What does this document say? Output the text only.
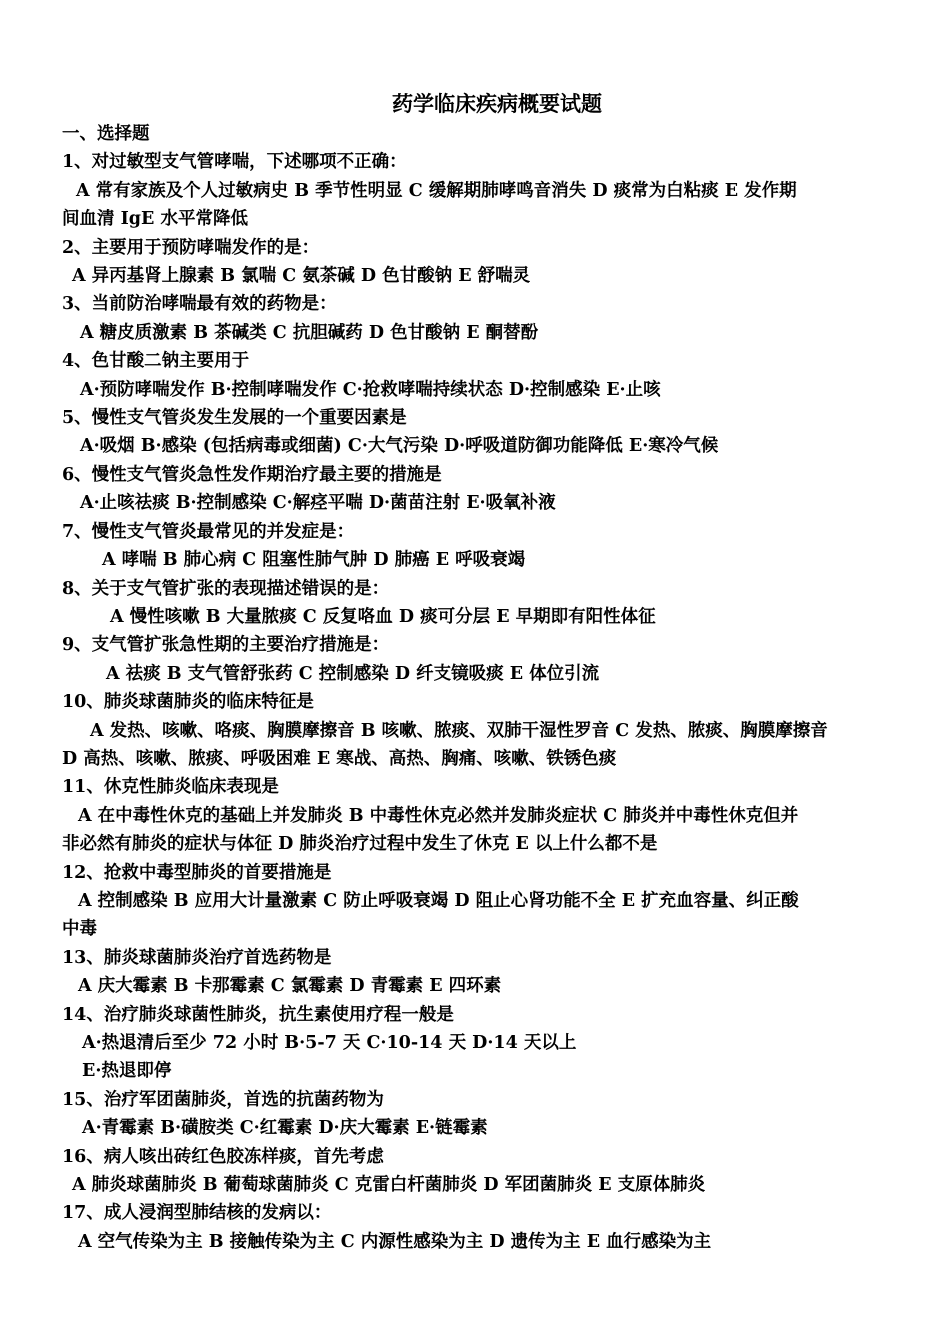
药学临床疾病概要试题
一、选择题
1、对过敏型支气管哮喘，下述哪项不正确：
A 常有家族及个人过敏病史 B 季节性明显 C 缓解期肺哮鸣音消失 D 痰常为白粘痰 E 发作期
间血清 IgE 水平常降低
2、主要用于预防哮喘发作的是：
A 异丙基肾上腺素 B 氯喘 C 氨茶碱 D 色甘酸钠 E 舒喘灵
3、当前防治哮喘最有效的药物是：
A 糖皮质激素 B 茶碱类 C 抗胆碱药 D 色甘酸钠 E 酮替酚
4、色甘酸二钠主要用于
A·预防哮喘发作 B·控制哮喘发作 C·抢救哮喘持续状态 D·控制感染 E·止咳
5、慢性支气管炎发生发展的一个重要因素是
A·吸烟 B·感染 (包括病毒或细菌) C·大气污染 D·呼吸道防御功能降低 E·寒冷气候
6、慢性支气管炎急性发作期治疗最主要的措施是
A·止咳祛痰 B·控制感染 C·解痉平喘 D·菌苗注射 E·吸氧补液
7、慢性支气管炎最常见的并发症是：
A 哮喘 B 肺心病 C 阻塞性肺气肿 D 肺癌 E 呼吸衰竭
8、关于支气管扩张的表现描述错误的是：
A 慢性咳嗽 B 大量脓痰 C 反复咯血 D 痰可分层 E 早期即有阳性体征
9、支气管扩张急性期的主要治疗措施是：
A 祛痰 B 支气管舒张药 C 控制感染 D 纤支镜吸痰 E 体位引流
10、肺炎球菌肺炎的临床特征是
A 发热、咳嗽、咯痰、胸膜摩擦音 B 咳嗽、脓痰、双肺干湿性罗音 C 发热、脓痰、胸膜摩擦音
D 高热、咳嗽、脓痰、呼吸困难 E 寒战、高热、胸痛、咳嗽、铁锈色痰
11、休克性肺炎临床表现是
A 在中毒性休克的基础上并发肺炎 B 中毒性休克必然并发肺炎症状 C 肺炎并中毒性休克但并
非必然有肺炎的症状与体征 D 肺炎治疗过程中发生了休克 E 以上什么都不是
12、抢救中毒型肺炎的首要措施是
A 控制感染 B 应用大计量激素 C 防止呼吸衰竭 D 阻止心肾功能不全 E 扩充血容量、纠正酸
中毒
13、肺炎球菌肺炎治疗首选药物是
A 庆大霉素 B 卡那霉素 C 氯霉素 D 青霉素 E 四环素
14、治疗肺炎球菌性肺炎，抗生素使用疗程一般是
A·热退清后至少 72 小时 B·5-7 天 C·10-14 天 D·14 天以上
E·热退即停
15、治疗军团菌肺炎，首选的抗菌药物为
A·青霉素 B·磺胺类 C·红霉素 D·庆大霉素 E·链霉素
16、病人咳出砖红色胶冻样痰，首先考虑
A 肺炎球菌肺炎 B 葡萄球菌肺炎 C 克雷白杆菌肺炎 D 军团菌肺炎 E 支原体肺炎
17、成人浸润型肺结核的发病以：
A 空气传染为主 B 接触传染为主 C 内源性感染为主 D 遗传为主 E 血行感染为主
